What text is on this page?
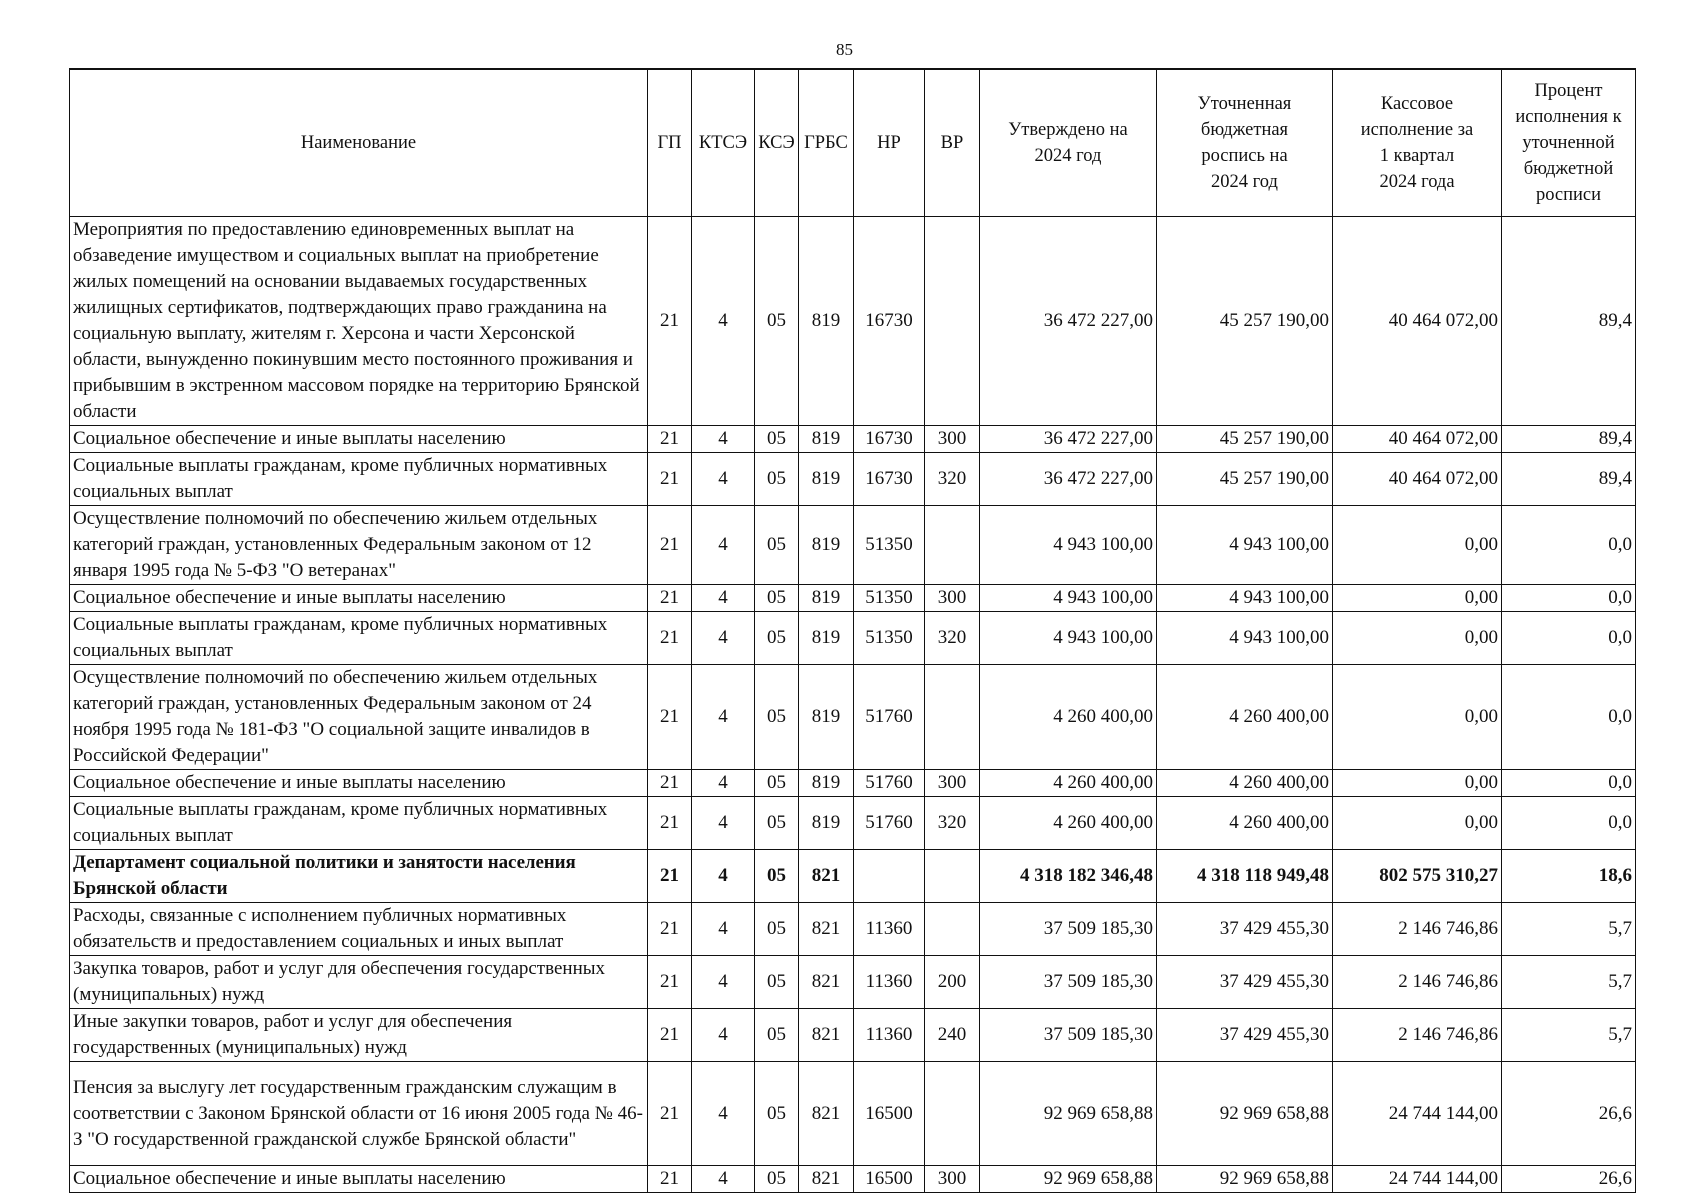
85
Наименование	ГП	КТСЭ	КСЭ	ГРБС	НР	ВР	Утверждено на 2024 год	Уточненная бюджетная роспись на 2024 год	Кассовое исполнение за 1 квартал 2024 года	Процент исполнения к уточненной бюджетной росписи
Мероприятия по предоставлению единовременных выплат на обзаведение имуществом и социальных выплат на приобретение жилых помещений на основании выдаваемых государственных жилищных сертификатов, подтверждающих право гражданина на социальную выплату, жителям г. Херсона и части Херсонской области, вынужденно покинувшим место постоянного проживания и прибывшим в экстренном массовом порядке на территорию Брянской области	21	4	05	819	16730		36 472 227,00	45 257 190,00	40 464 072,00	89,4
Социальное обеспечение и иные выплаты населению	21	4	05	819	16730	300	36 472 227,00	45 257 190,00	40 464 072,00	89,4
Социальные выплаты гражданам, кроме публичных нормативных социальных выплат	21	4	05	819	16730	320	36 472 227,00	45 257 190,00	40 464 072,00	89,4
Осуществление полномочий по обеспечению жильем отдельных категорий граждан, установленных Федеральным законом от 12 января 1995 года № 5-ФЗ "О ветеранах"	21	4	05	819	51350		4 943 100,00	4 943 100,00	0,00	0,0
Социальное обеспечение и иные выплаты населению	21	4	05	819	51350	300	4 943 100,00	4 943 100,00	0,00	0,0
Социальные выплаты гражданам, кроме публичных нормативных социальных выплат	21	4	05	819	51350	320	4 943 100,00	4 943 100,00	0,00	0,0
Осуществление полномочий по обеспечению жильем отдельных категорий граждан, установленных Федеральным законом от 24 ноября 1995 года № 181-ФЗ "О социальной защите инвалидов в Российской Федерации"	21	4	05	819	51760		4 260 400,00	4 260 400,00	0,00	0,0
Социальное обеспечение и иные выплаты населению	21	4	05	819	51760	300	4 260 400,00	4 260 400,00	0,00	0,0
Социальные выплаты гражданам, кроме публичных нормативных социальных выплат	21	4	05	819	51760	320	4 260 400,00	4 260 400,00	0,00	0,0
Департамент социальной политики и занятости населения Брянской области	21	4	05	821			4 318 182 346,48	4 318 118 949,48	802 575 310,27	18,6
Расходы, связанные с исполнением публичных нормативных обязательств и предоставлением социальных и иных выплат	21	4	05	821	11360		37 509 185,30	37 429 455,30	2 146 746,86	5,7
Закупка товаров, работ и услуг для обеспечения государственных (муниципальных) нужд	21	4	05	821	11360	200	37 509 185,30	37 429 455,30	2 146 746,86	5,7
Иные закупки товаров, работ и услуг для обеспечения государственных (муниципальных) нужд	21	4	05	821	11360	240	37 509 185,30	37 429 455,30	2 146 746,86	5,7
Пенсия за выслугу лет государственным гражданским служащим в соответствии с Законом Брянской области от 16 июня 2005 года № 46-З "О государственной гражданской службе Брянской области"	21	4	05	821	16500		92 969 658,88	92 969 658,88	24 744 144,00	26,6
Социальное обеспечение и иные выплаты населению	21	4	05	821	16500	300	92 969 658,88	92 969 658,88	24 744 144,00	26,6
